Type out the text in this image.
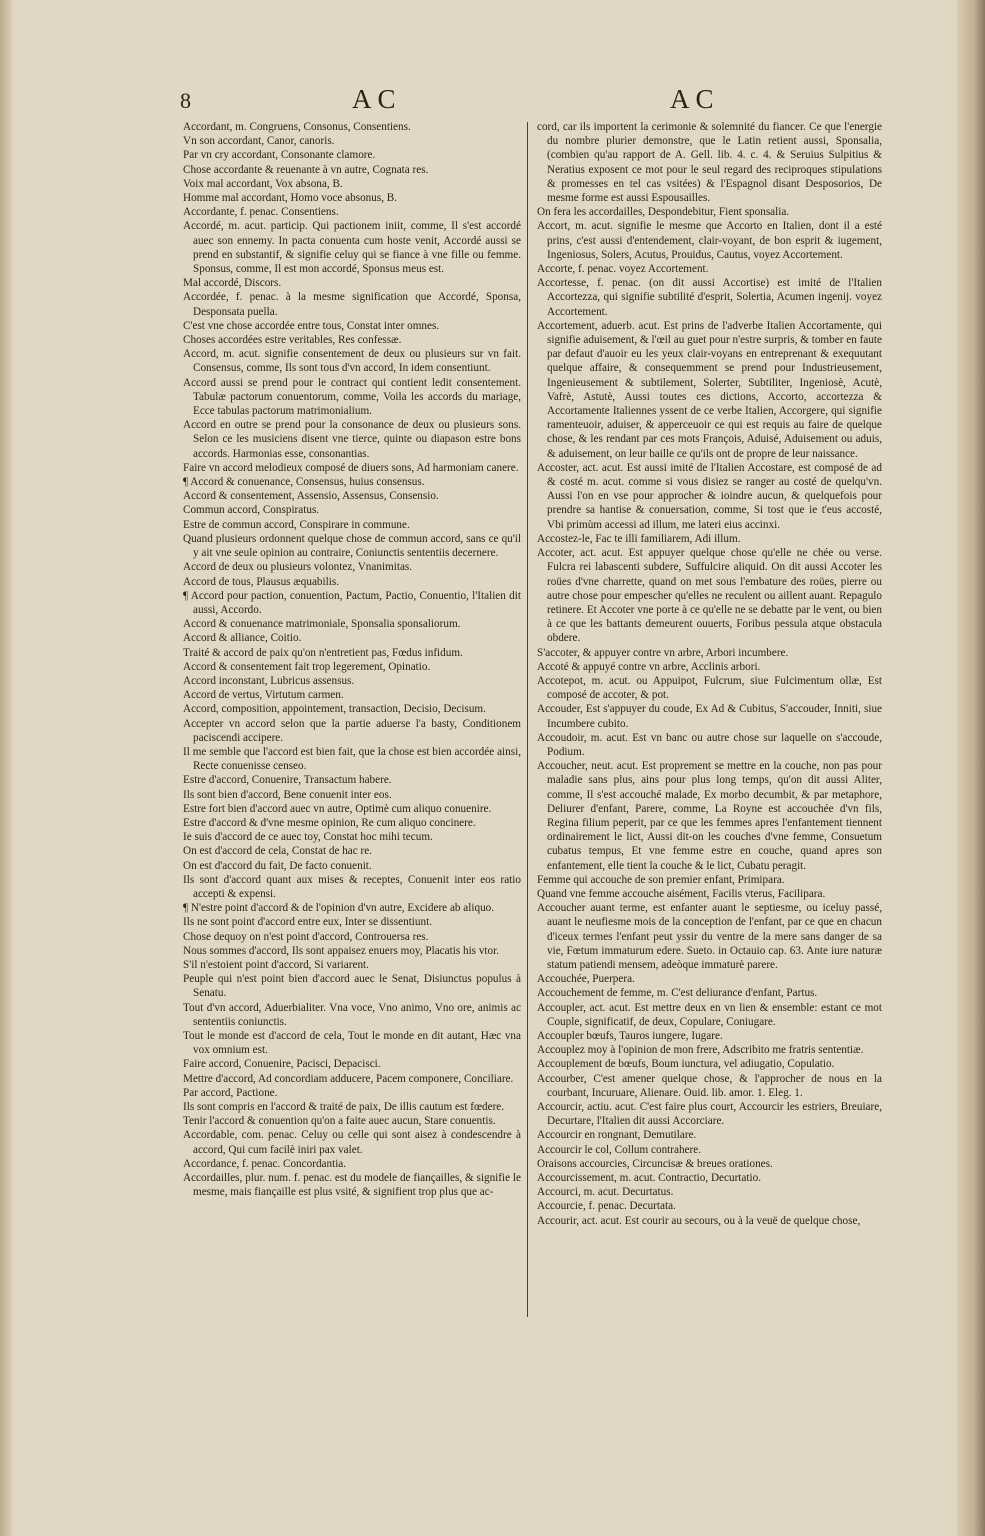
8	AC	AC

Accordant, m. Congruens, Consonus, Consentiens.

Vn son accordant, Canor, canoris.

Par vn cry accordant, Consonante clamore.

Chose accordante & reuenante à vn autre, Cognata res.

Voix mal accordant, Vox absona, B.

Homme mal accordant, Homo voce absonus, B.

Accordante, f. penac. Consentiens.

Accordé, m. acut. particip. Qui pactionem iniit, comme, Il s'est accordé auec son ennemy. In pacta conuenta cum hoste venit, Accordé aussi se prend en substantif, & signifie celuy qui se fiance à vne fille ou femme. Sponsus, comme, Il est mon accordé, Sponsus meus est.

Mal accordé, Discors.

Accordée, f. penac. à la mesme signification que Accordé, Sponsa, Desponsata puella.

C'est vne chose accordée entre tous, Constat inter omnes.

Choses accordées estre veritables, Res confessæ.

Accord, m. acut. signifie consentement de deux ou plusieurs sur vn fait. Consensus, comme, Ils sont tous d'vn accord, In idem consentiunt.

Accord aussi se prend pour le contract qui contient ledit consentement. Tabulæ pactorum conuentorum, comme, Voila les accords du mariage, Ecce tabulas pactorum matrimonialium.

Accord en outre se prend pour la consonance de deux ou plusieurs sons. Selon ce les musiciens disent vne tierce, quinte ou diapason estre bons accords. Harmonias esse, consonantias.

Faire vn accord melodieux composé de diuers sons, Ad harmoniam canere.

¶ Accord & conuenance, Consensus, huius consensus.

Accord & consentement, Assensio, Assensus, Consensio.

Commun accord, Conspiratus.

Estre de commun accord, Conspirare in commune.

Quand plusieurs ordonnent quelque chose de commun accord, sans ce qu'il y ait vne seule opinion au contraire, Coniunctis sententiis decernere.

Accord de deux ou plusieurs volontez, Vnanimitas.

Accord de tous, Plausus æquabilis.

¶ Accord pour paction, conuention, Pactum, Pactio, Conuentio, l'Italien dit aussi, Accordo.

Accord & conuenance matrimoniale, Sponsalia sponsaliorum.

Accord & alliance, Coitio.

Traité & accord de paix qu'on n'entretient pas, Fœdus infidum.

Accord & consentement fait trop legerement, Opinatio.

Accord inconstant, Lubricus assensus.

Accord de vertus, Virtutum carmen.

Accord, composition, appointement, transaction, Decisio, Decisum.

Accepter vn accord selon que la partie aduerse l'a basty, Conditionem paciscendi accipere.

Il me semble que l'accord est bien fait, que la chose est bien accordée ainsi, Recte conuenisse censeo.

Estre d'accord, Conuenire, Transactum habere.

Ils sont bien d'accord, Bene conuenit inter eos.

Estre fort bien d'accord auec vn autre, Optimè cum aliquo conuenire.

Estre d'accord & d'vne mesme opinion, Re cum aliquo concinere.

Ie suis d'accord de ce auec toy, Constat hoc mihi tecum.

On est d'accord de cela, Constat de hac re.

On est d'accord du fait, De facto conuenit.

Ils sont d'accord quant aux mises & receptes, Conuenit inter eos ratio accepti & expensi.

¶ N'estre point d'accord & de l'opinion d'vn autre, Excidere ab aliquo.

Ils ne sont point d'accord entre eux, Inter se dissentiunt.

Chose dequoy on n'est point d'accord, Controuersa res.

Nous sommes d'accord, Ils sont appaisez enuers moy, Placatis his vtor.

S'il n'estoient point d'accord, Si variarent.

Peuple qui n'est point bien d'accord auec le Senat, Disiunctus populus à Senatu.

Tout d'vn accord, Aduerbialiter. Vna voce, Vno animo, Vno ore, animis ac sententiis coniunctis.

Tout le monde est d'accord de cela, Tout le monde en dit autant, Hæc vna vox omnium est.

Faire accord, Conuenire, Pacisci, Depacisci.

Mettre d'accord, Ad concordiam adducere, Pacem componere, Conciliare.

Par accord, Pactione.

Ils sont compris en l'accord & traité de paix, De illis cautum est fœdere.

Tenir l'accord & conuention qu'on a faite auec aucun, Stare conuentis.

Accordable, com. penac. Celuy ou celle qui sont aisez à condescendre à accord, Qui cum facilè iniri pax valet.

Accordance, f. penac. Concordantia.

Accordailles, plur. num. f. penac. est du modele de fiançailles, & signifie le mesme, mais fiançaille est plus vsité, & signifient trop plus que ac-

cord, car ils importent la cerimonie & solemnité du fiancer. Ce que l'energie du nombre plurier demonstre, que le Latin retient aussi, Sponsalia, (combien qu'au rapport de A. Gell. lib. 4. c. 4. & Seruius Sulpitius & Neratius exposent ce mot pour le seul regard des reciproques stipulations & promesses en tel cas vsitées) & l'Espagnol disant Desposorios, De mesme forme est aussi Espousailles.

On fera les accordailles, Despondebitur, Fient sponsalia.

Accort, m. acut. signifie le mesme que Accorto en Italien, dont il a esté prins, c'est aussi d'entendement, clair-voyant, de bon esprit & iugement, Ingeniosus, Solers, Acutus, Prouidus, Cautus, voyez Accortement.

Accorte, f. penac. voyez Accortement.

Accortesse, f. penac. (on dit aussi Accortise) est imité de l'Italien Accortezza, qui signifie subtilité d'esprit, Solertia, Acumen ingenij. voyez Accortement.

Accortement, aduerb. acut. Est prins de l'adverbe Italien Accortamente, qui signifie aduisement, & l'œil au guet pour n'estre surpris, & tomber en faute par defaut d'auoir eu les yeux clair-voyans en entreprenant & exequutant quelque affaire, & consequemment se prend pour Industrieusement, Ingenieusement & subtilement, Solerter, Subtiliter, Ingeniosè, Acutè, Vafrè, Astutè, Aussi toutes ces dictions, Accorto, accortezza & Accortamente Italiennes yssent de ce verbe Italien, Accorgere, qui signifie ramenteuoir, aduiser, & apperceuoir ce qui est requis au faire de quelque chose, & les rendant par ces mots François, Aduisé, Aduisement ou aduis, & aduisement, on leur baille ce qu'ils ont de propre de leur naissance.

Accoster, act. acut. Est aussi imité de l'Italien Accostare, est composé de ad & costé m. acut. comme si vous disiez se ranger au costé de quelqu'vn. Aussi l'on en vse pour approcher & ioindre aucun, & quelquefois pour prendre sa hantise & conuersation, comme, Si tost que ie t'eus accosté, Vbi primùm accessi ad illum, me lateri eius accinxi.

Accostez-le, Fac te illi familiarem, Adi illum.

Accoter, act. acut. Est appuyer quelque chose qu'elle ne chée ou verse. Fulcra rei labascenti subdere, Suffulcire aliquid. On dit aussi Accoter les roües d'vne charrette, quand on met sous l'embature des roües, pierre ou autre chose pour empescher qu'elles ne reculent ou aillent auant. Repagulo retinere. Et Accoter vne porte à ce qu'elle ne se debatte par le vent, ou bien à ce que les battants demeurent ouuerts, Foribus pessula atque obstacula obdere.

S'accoter, & appuyer contre vn arbre, Arbori incumbere.

Accoté & appuyé contre vn arbre, Acclinis arbori.

Accotepot, m. acut. ou Appuipot, Fulcrum, siue Fulcimentum ollæ, Est composé de accoter, & pot.

Accouder, Est s'appuyer du coude, Ex Ad & Cubitus, S'accouder, Inniti, siue Incumbere cubito.

Accoudoir, m. acut. Est vn banc ou autre chose sur laquelle on s'accoude, Podium.

Accoucher, neut. acut. Est proprement se mettre en la couche, non pas pour maladie sans plus, ains pour plus long temps, qu'on dit aussi Aliter, comme, Il s'est accouché malade, Ex morbo decumbit, & par metaphore, Deliurer d'enfant, Parere, comme, La Royne est accouchée d'vn fils, Regina filium peperit, par ce que les femmes apres l'enfantement tiennent ordinairement le lict, Aussi dit-on les couches d'vne femme, Consuetum cubatus tempus, Et vne femme estre en couche, quand apres son enfantement, elle tient la couche & le lict, Cubatu peragit.

Femme qui accouche de son premier enfant, Primipara.

Quand vne femme accouche aisément, Facilis vterus, Facilipara.

Accoucher auant terme, est enfanter auant le septiesme, ou iceluy passé, auant le neufiesme mois de la conception de l'enfant, par ce que en chacun d'iceux termes l'enfant peut yssir du ventre de la mere sans danger de sa vie, Fœtum immaturum edere. Sueto. in Octauio cap. 63. Ante iure naturæ statum patiendi mensem, adeòque immaturè parere.

Accouchée, Puerpera.

Accouchement de femme, m. C'est deliurance d'enfant, Partus.

Accoupler, act. acut. Est mettre deux en vn lien & ensemble: estant ce mot Couple, significatif, de deux, Copulare, Coniugare.

Accoupler bœufs, Tauros iungere, Iugare.

Accouplez moy à l'opinion de mon frere, Adscribito me fratris sententiæ.

Accouplement de bœufs, Boum iunctura, vel adiugatio, Copulatio.

Accourber, C'est amener quelque chose, & l'approcher de nous en la courbant, Incuruare, Alienare. Ouid. lib. amor. 1. Eleg. 1.

Accourcir, actiu. acut. C'est faire plus court, Accourcir les estriers, Breuiare, Decurtare, l'Italien dit aussi Accorciare.

Accourcir en rongnant, Demutilare.

Accourcir le col, Collum contrahere.

Oraisons accourcies, Circuncisæ & breues orationes.

Accourcissement, m. acut. Contractio, Decurtatio.

Accourci, m. acut. Decurtatus.

Accourcie, f. penac. Decurtata.

Accourir, act. acut. Est courir au secours, ou à la veuë de quelque chose,
